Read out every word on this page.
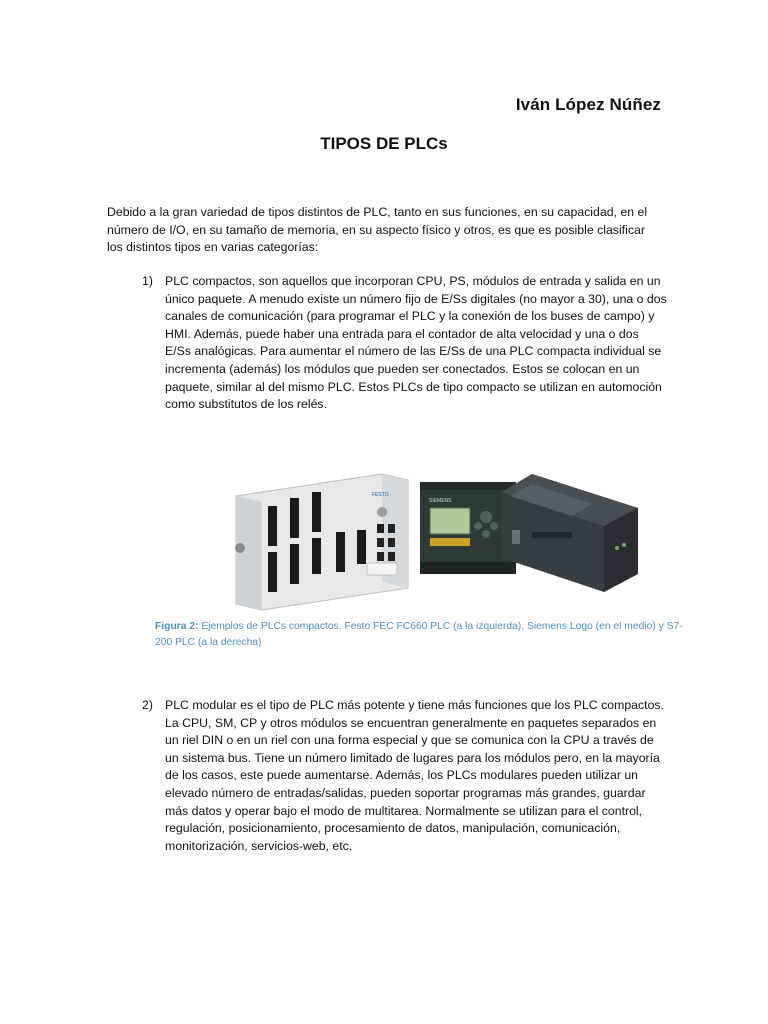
Iván López Núñez
TIPOS DE PLCs

Debido a la gran variedad de tipos distintos de PLC, tanto en sus funciones, en su capacidad, en el número de I/O, en su tamaño de memoria, en su aspecto físico y otros, es que es posible clasificar los distintos tipos en varias categorías:

1) PLC compactos, son aquellos que incorporan CPU, PS, módulos de entrada y salida en un único paquete. A menudo existe un número fijo de E/Ss digitales (no mayor a 30), una o dos canales de comunicación (para programar el PLC y la conexión de los buses de campo) y HMI. Además, puede haber una entrada para el contador de alta velocidad y una o dos E/Ss analógicas. Para aumentar el número de las E/Ss de una PLC compacta individual se incrementa (además) los módulos que pueden ser conectados. Estos se colocan en un paquete, similar al del mismo PLC. Estos PLCs de tipo compacto se utilizan en automoción como substitutos de los relés.

FESTO
SIEMENS
Figura 2: Ejemplos de PLCs compactos. Festo FEC FC660 PLC (a la izquierda), Siemens Logo (en el medio) y S7-200 PLC (a la derecha)
2) PLC modular es el tipo de PLC más potente y tiene más funciones que los PLC compactos. La CPU, SM, CP y otros módulos se encuentran generalmente en paquetes separados en un riel DIN o en un riel con una forma especial y que se comunica con la CPU a través de un sistema bus. Tiene un número limitado de lugares para los módulos pero, en la mayoría de los casos, este puede aumentarse. Además, los PLCs modulares pueden utilizar un elevado número de entradas/salidas, pueden soportar programas más grandes, guardar más datos y operar bajo el modo de multitarea. Normalmente se utilizan para el control, regulación, posicionamiento, procesamiento de datos, manipulación, comunicación, monitorización, servicios-web, etc.
